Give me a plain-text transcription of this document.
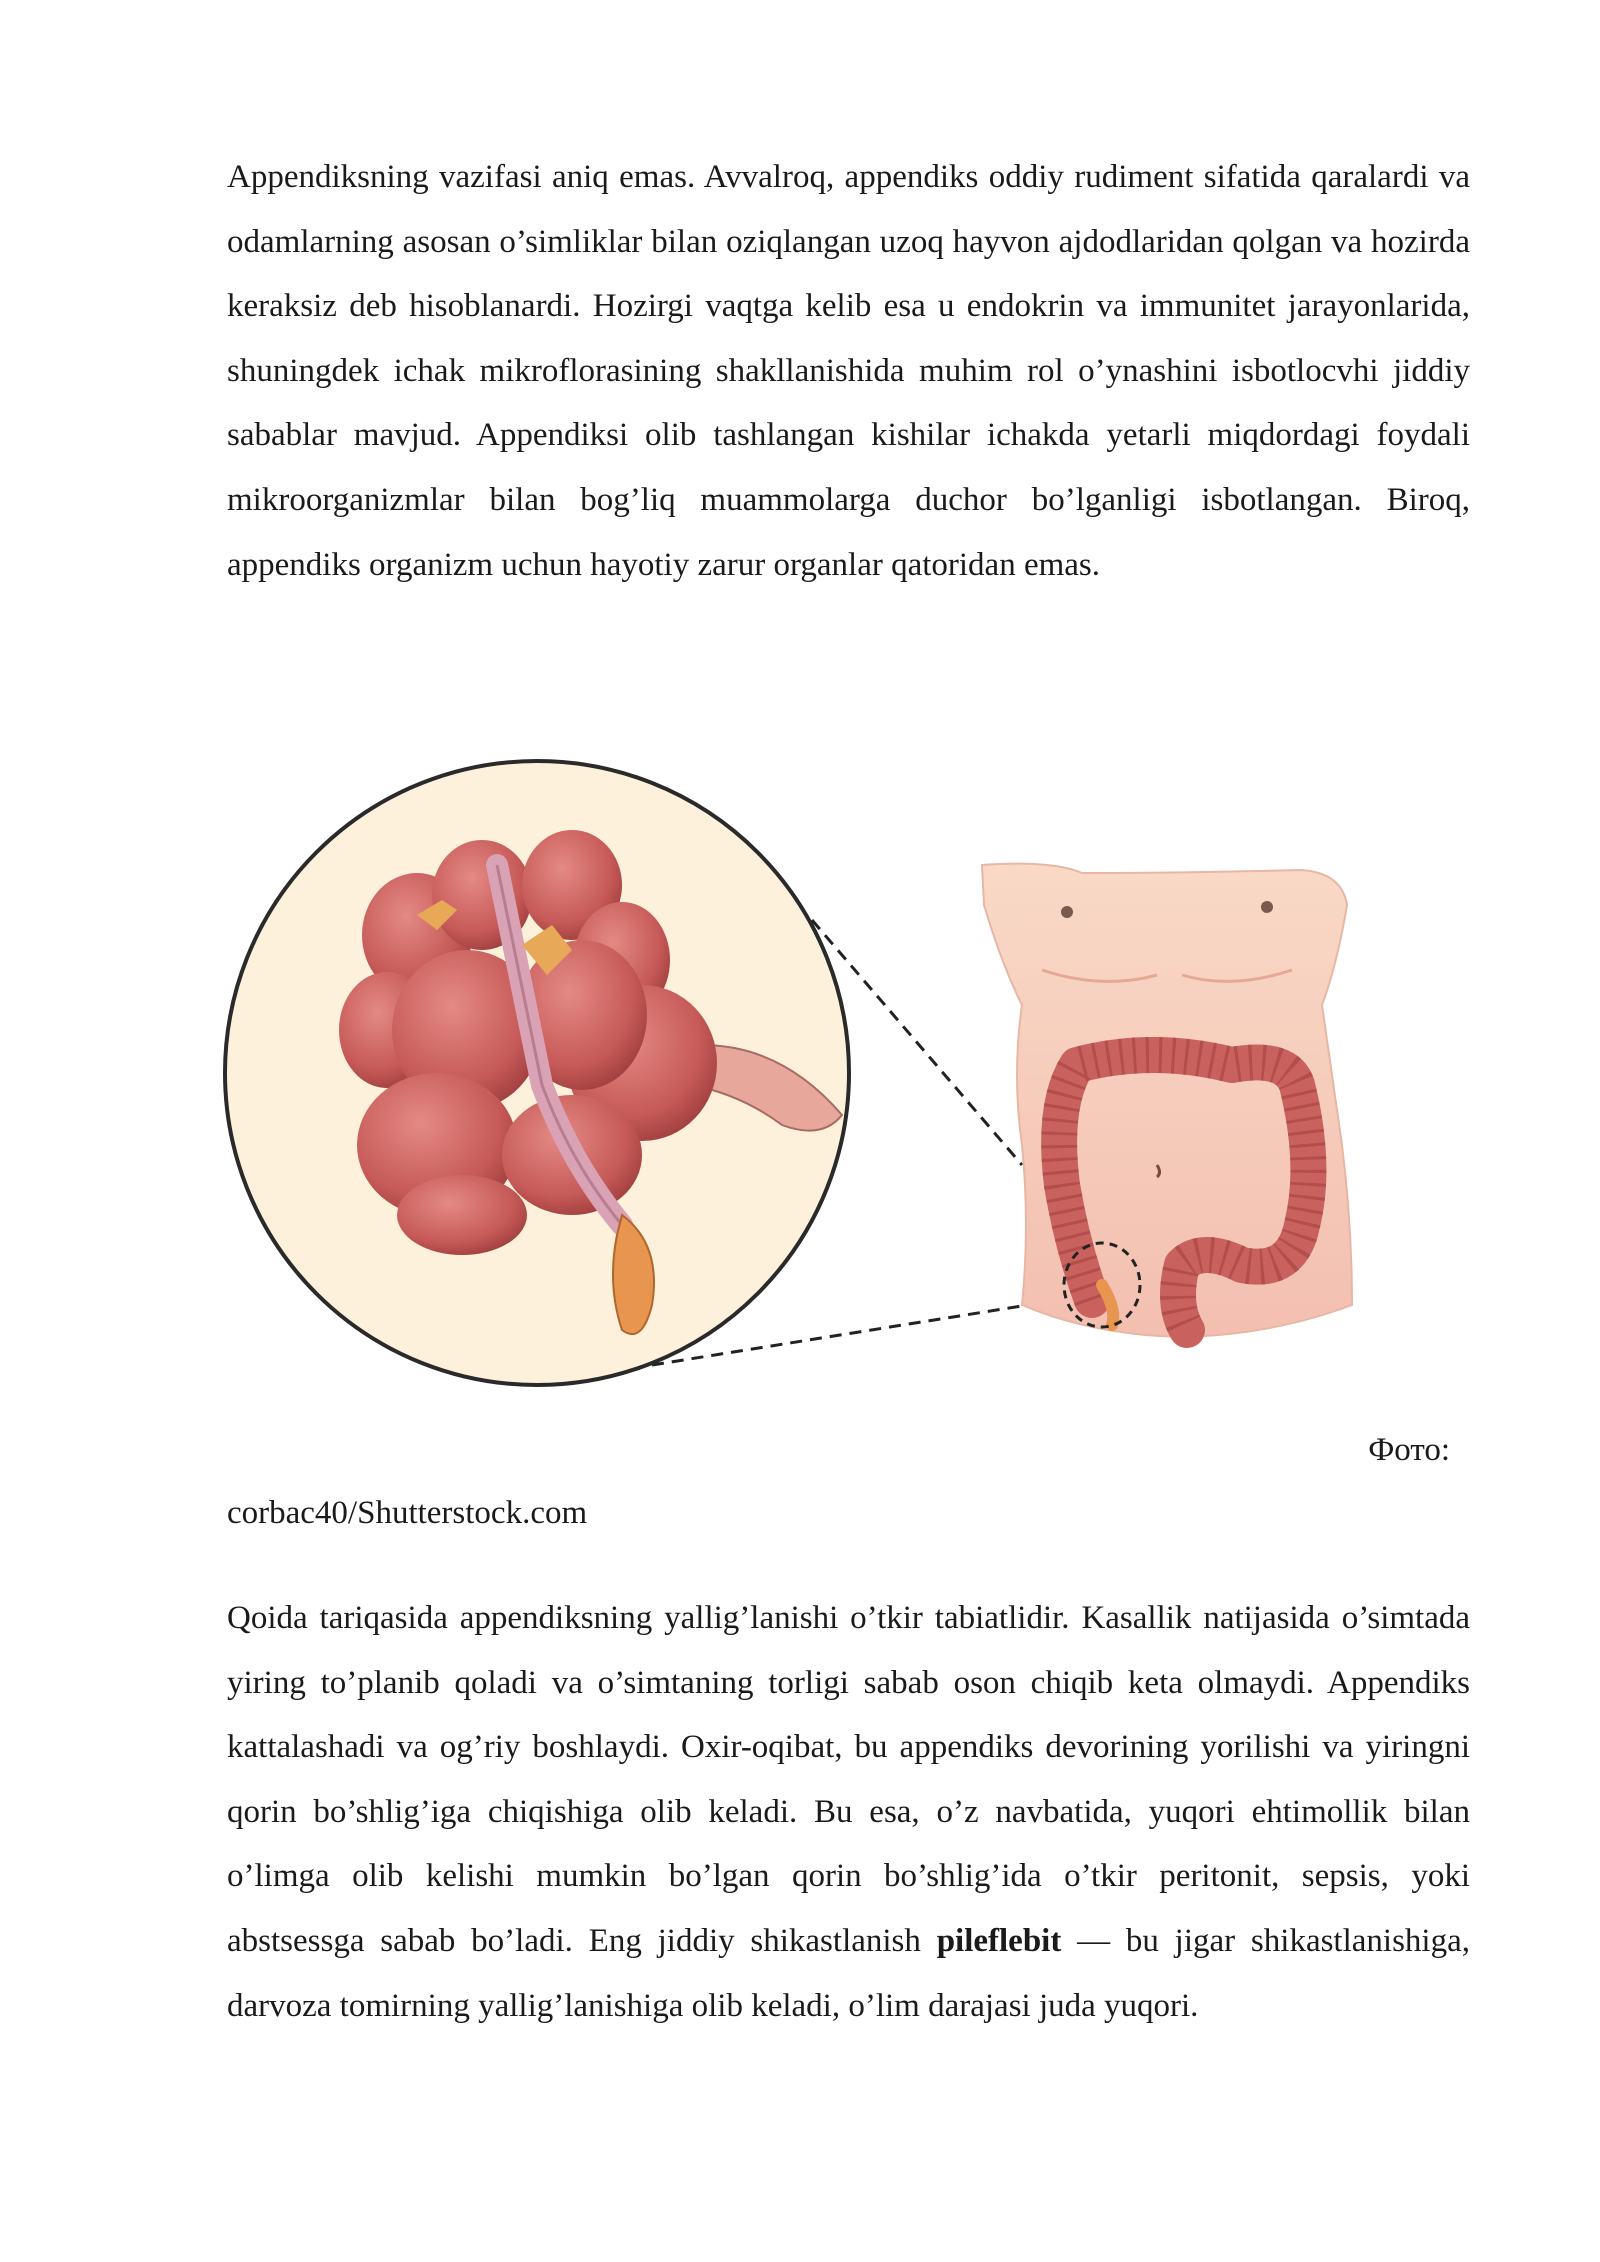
Appendiksning vazifasi aniq emas. Avvalroq, appendiks oddiy rudiment sifatida qaralardi va odamlarning asosan o’simliklar bilan oziqlangan uzoq hayvon ajdodlaridan qolgan va hozirda keraksiz deb hisoblanardi. Hozirgi vaqtga kelib esa u endokrin va immunitet jarayonlarida, shuningdek ichak mikroflorasining shakllanishida muhim rol o’ynashini isbotlocvhi jiddiy sabablar mavjud. Appendiksi olib tashlangan kishilar ichakda yetarli miqdordagi foydali mikroorganizmlar bilan bog’liq muammolarga duchor bo’lganligi isbotlangan. Biroq, appendiks organizm uchun hayotiy zarur organlar qatoridan emas.

Фото:
corbac40/Shutterstock.com

Qoida tariqasida appendiksning yallig’lanishi o’tkir tabiatlidir. Kasallik natijasida o’simtada yiring to’planib qoladi va o’simtaning torligi sabab oson chiqib keta olmaydi. Appendiks kattalashadi va og’riy boshlaydi. Oxir-oqibat, bu appendiks devorining yorilishi va yiringni qorin bo’shlig’iga chiqishiga olib keladi. Bu esa, o’z navbatida, yuqori ehtimollik bilan o’limga olib kelishi mumkin bo’lgan qorin bo’shlig’ida o’tkir peritonit, sepsis, yoki abstsessga sabab bo’ladi. Eng jiddiy shikastlanish pileflebit — bu jigar shikastlanishiga, darvoza tomirning yallig’lanishiga olib keladi, o’lim darajasi juda yuqori.
